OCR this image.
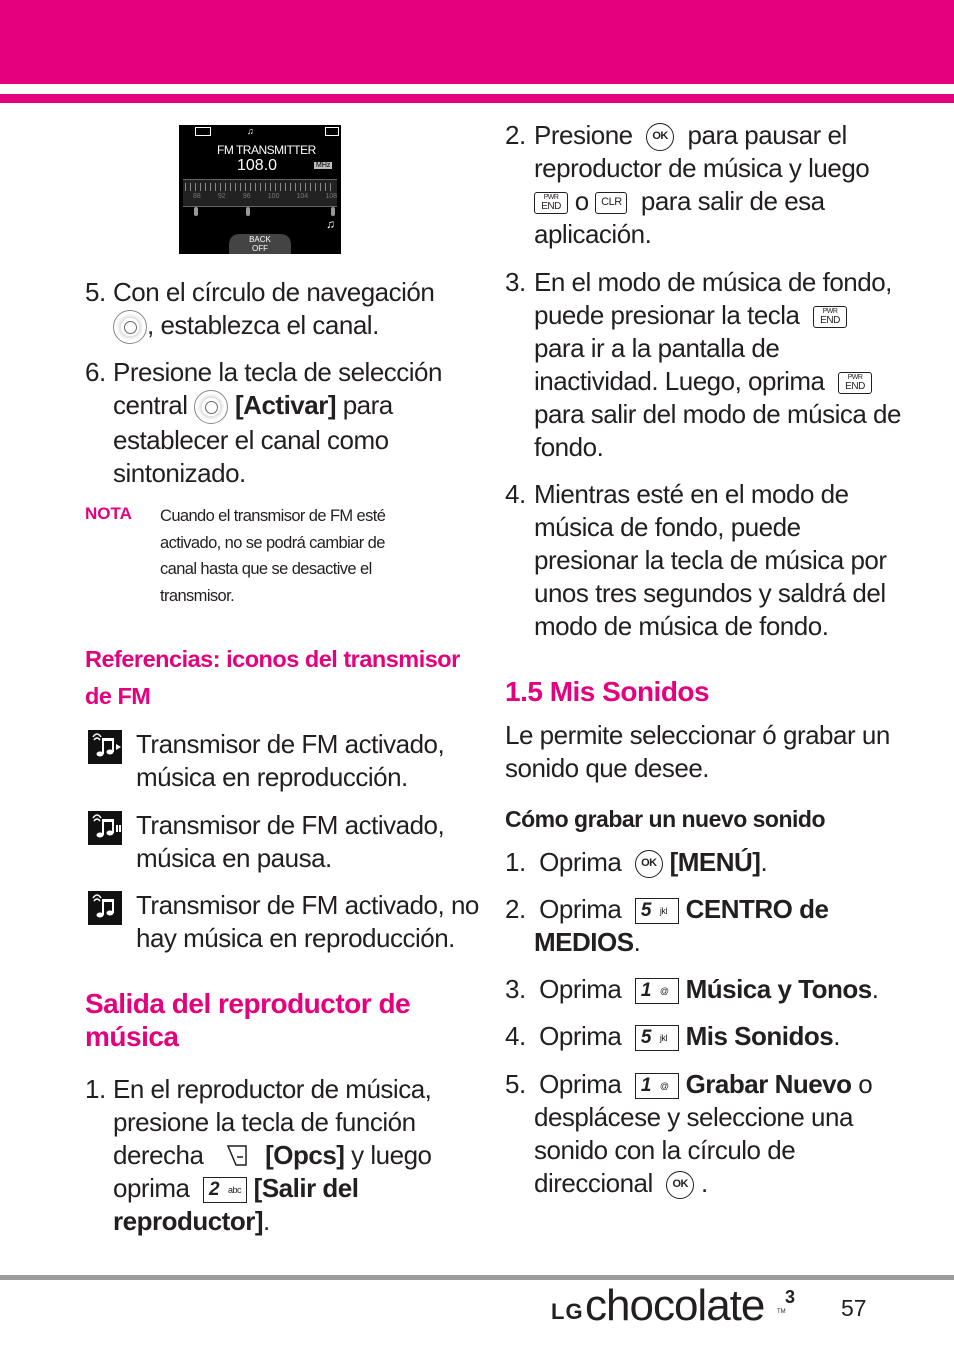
♫
FM TRANSMITTER
108.0	MHz
88 92 96 100 104 108
♫
BACK
OFF
5. Con el círculo de navegación
, establezca el canal.
6. Presione la tecla de selección
central [Activar] para
establecer el canal como
sintonizado.
NOTA Cuando el transmisor de FM esté
activado, no se podrá cambiar de
canal hasta que se desactive el
transmisor.
Referencias: iconos del transmisor
de FM
Transmisor de FM activado,
música en reproducción.
Transmisor de FM activado,
música en pausa.
Transmisor de FM activado, no
hay música en reproducción.
Salida del reproductor de
música
1. En el reproductor de música,
presione la tecla de función
derecha [Opcs] y luego
oprima 2 abc [Salir del
reproductor].
2. Presione OK para pausar el
reproductor de música y luego
PWR
END o CLR para salir de esa
aplicación.
3. En el modo de música de fondo,
puede presionar la tecla	PWR
END
para ir a la pantalla de
inactividad. Luego, oprima	PWR
END
para salir del modo de música de
fondo.
4. Mientras esté en el modo de
música de fondo, puede
presionar la tecla de música por
unos tres segundos y saldrá del
modo de música de fondo.
1.5 Mis Sonidos
Le permite seleccionar ó grabar un
sonido que desee.
Cómo grabar un nuevo sonido
1. Oprima OK [MENÚ].
2. Oprima 5 jkl CENTRO de
MEDIOS.
3. Oprima 1 @ Música y Tonos.
4. Oprima 5 jkl Mis Sonidos.
5. Oprima 1 @ Grabar Nuevo o
desplácese y seleccione una
sonido con la círculo de
direccional OK .
LG chocolate TM
3 57
